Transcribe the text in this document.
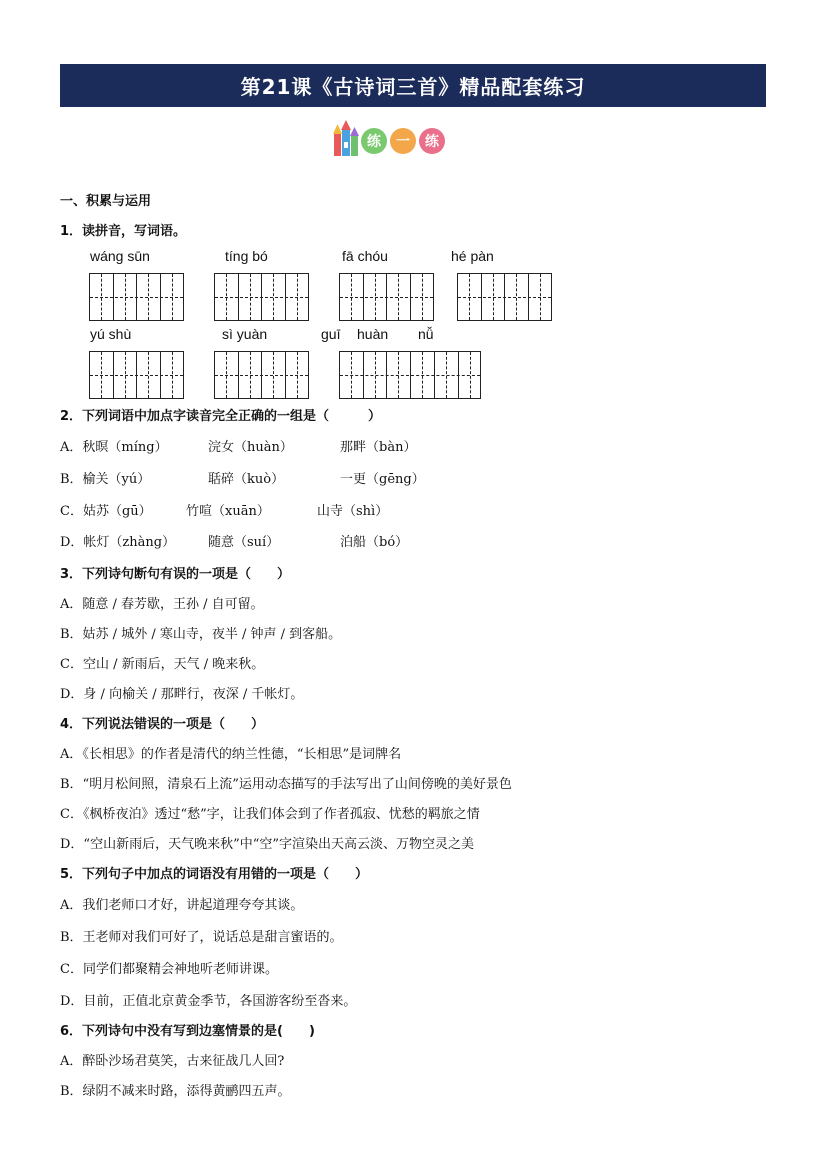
第21课《古诗词三首》精品配套练习
练	一	练
一、积累与运用
1．读拼音，写词语。
wáng sūn	tíng bó	fā chóu	hé pàn
yú shù	sì yuàn	guī huàn nǚ
2．下列词语中加点字读音完全正确的一组是（　　　）
A．秋暝（míng）	浣女（huàn）	那畔（bàn）
B．榆关（yú）	聒碎（kuò）	一更（gēng）
C．姑苏（gū）	竹喧（xuān）	山寺（shì）
D．帐灯（zhàng）	随意（suí）	泊船（bó）
3．下列诗句断句有误的一项是（　　）
A．随意 / 春芳歇，王孙 / 自可留。
B．姑苏 / 城外 / 寒山寺，夜半 / 钟声 / 到客船。
C．空山 / 新雨后，天气 / 晚来秋。
D．身 / 向榆关 / 那畔行，夜深 / 千帐灯。
4．下列说法错误的一项是（　　）
A．《长相思》的作者是清代的纳兰性德，“长相思”是词牌名
B．“明月松间照，清泉石上流”运用动态描写的手法写出了山间傍晚的美好景色
C．《枫桥夜泊》透过“愁”字，让我们体会到了作者孤寂、忧愁的羁旅之情
D．“空山新雨后，天气晚来秋”中“空”字渲染出天高云淡、万物空灵之美
5．下列句子中加点的词语没有用错的一项是（　　）
A．我们老师口才好，讲起道理夸夸其谈。
B．王老师对我们可好了，说话总是甜言蜜语的。
C．同学们都聚精会神地听老师讲课。
D．目前，正值北京黄金季节，各国游客纷至沓来。
6．下列诗句中没有写到边塞情景的是(　　)
A．醉卧沙场君莫笑，古来征战几人回?
B．绿阴不减来时路，添得黄鹂四五声。
